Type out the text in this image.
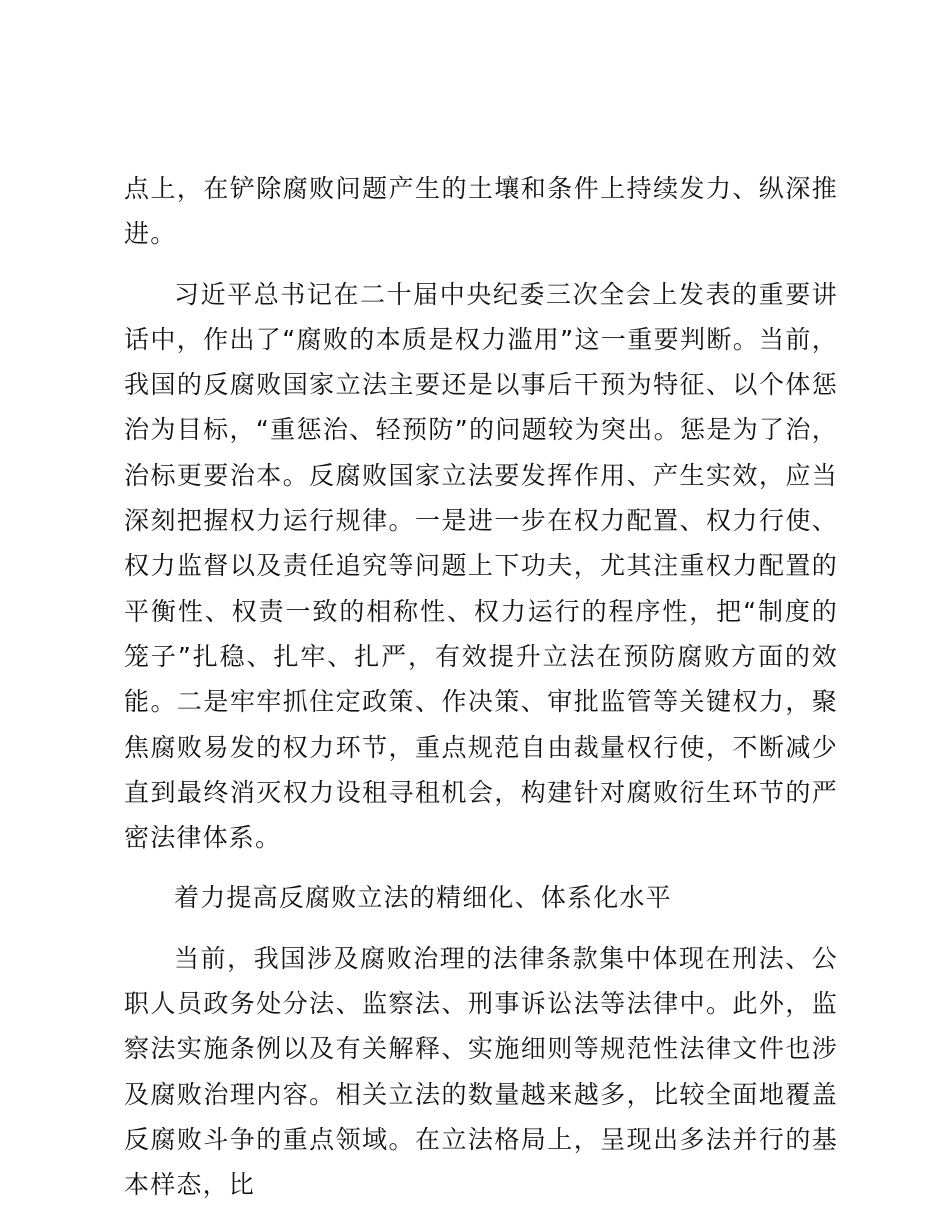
点上，在铲除腐败问题产生的土壤和条件上持续发力、纵深推进。

习近平总书记在二十届中央纪委三次全会上发表的重要讲话中，作出了“腐败的本质是权力滥用”这一重要判断。当前，我国的反腐败国家立法主要还是以事后干预为特征、以个体惩治为目标，“重惩治、轻预防”的问题较为突出。惩是为了治，治标更要治本。反腐败国家立法要发挥作用、产生实效，应当深刻把握权力运行规律。一是进一步在权力配置、权力行使、权力监督以及责任追究等问题上下功夫，尤其注重权力配置的平衡性、权责一致的相称性、权力运行的程序性，把“制度的笼子”扎稳、扎牢、扎严，有效提升立法在预防腐败方面的效能。二是牢牢抓住定政策、作决策、审批监管等关键权力，聚焦腐败易发的权力环节，重点规范自由裁量权行使，不断减少直到最终消灭权力设租寻租机会，构建针对腐败衍生环节的严密法律体系。

着力提高反腐败立法的精细化、体系化水平

当前，我国涉及腐败治理的法律条款集中体现在刑法、公职人员政务处分法、监察法、刑事诉讼法等法律中。此外，监察法实施条例以及有关解释、实施细则等规范性法律文件也涉及腐败治理内容。相关立法的数量越来越多，比较全面地覆盖反腐败斗争的重点领域。在立法格局上，呈现出多法并行的基本样态，比
